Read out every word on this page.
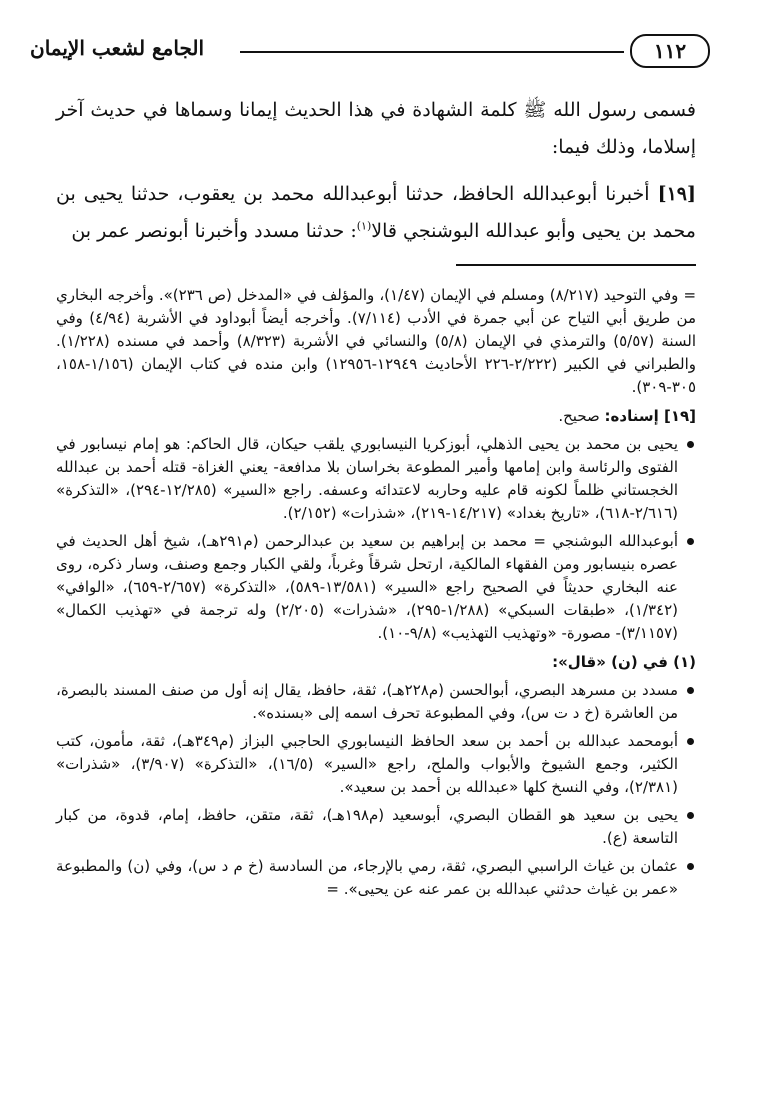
١١٢
الجامع لشعب الإيمان

فسمى رسول الله ﷺ كلمة الشهادة في هذا الحديث إيمانا وسماها في حديث آخر إسلاما، وذلك فيما:

[١٩] أخبرنا أبوعبدالله الحافظ، حدثنا أبوعبدالله محمد بن يعقوب، حدثنا يحيى بن محمد بن يحيى وأبو عبدالله البوشنجي قالا$^{(١)}$: حدثنا مسدد وأخبرنا أبونصر عمر بن

= وفي التوحيد (٨/٢١٧) ومسلم في الإيمان (١/٤٧)، والمؤلف في «المدخل (ص ٢٣٦)». وأخرجه البخاري من طريق أبي التياح عن أبي جمرة في الأدب (٧/١١٤). وأخرجه أيضاً أبوداود في الأشربة (٤/٩٤) وفي السنة (٥/٥٧) والترمذي في الإيمان (٥/٨) والنسائي في الأشربة (٨/٣٢٣) وأحمد في مسنده (١/٢٢٨). والطبراني في الكبير (٢/٢٢٢-٢٢٦ الأحاديث ١٢٩٤٩-١٢٩٥٦) وابن منده في كتاب الإيمان (١/١٥٦-١٥٨، ٣٠٥-٣٠٩).

[١٩] إسناده: صحيح.

يحيى بن محمد بن يحيى الذهلي، أبوزكريا النيسابوري يلقب حيكان، قال الحاكم: هو إمام نيسابور في الفتوى والرئاسة وابن إمامها وأمير المطوعة بخراسان بلا مدافعة- يعني الغزاة- قتله أحمد بن عبدالله الخجستاني ظلماً لكونه قام عليه وحاربه لاعتدائه وعسفه. راجع «السير» (١٢/٢٨٥-٢٩٤)، «التذكرة» (٢/٦١٦-٦١٨)، «تاريخ بغداد» (١٤/٢١٧-٢١٩)، «شذرات» (٢/١٥٢).

أبوعبدالله البوشنجي = محمد بن إبراهيم بن سعيد بن عبدالرحمن (م٢٩١هـ)، شيخ أهل الحديث في عصره بنيسابور ومن الفقهاء المالكية، ارتحل شرقاً وغرباً، ولقي الكبار وجمع وصنف، وسار ذكره، روى عنه البخاري حديثاً في الصحيح راجع «السير» (١٣/٥٨١-٥٨٩)، «التذكرة» (٢/٦٥٧-٦٥٩)، «الوافي» (١/٣٤٢)، «طبقات السبكي» (١/٢٨٨-٢٩٥)، «شذرات» (٢/٢٠٥) وله ترجمة في «تهذيب الكمال» (٣/١١٥٧)- مصورة- «وتهذيب التهذيب» (٩/٨-١٠).

(١) في (ن) «قال»:

مسدد بن مسرهد البصري، أبوالحسن (م٢٢٨هـ)، ثقة، حافظ، يقال إنه أول من صنف المسند بالبصرة، من العاشرة (خ د ت س)، وفي المطبوعة تحرف اسمه إلى «بسنده».

أبومحمد عبدالله بن أحمد بن سعد الحافظ النيسابوري الحاجبي البزاز (م٣٤٩هـ)، ثقة، مأمون، كتب الكثير، وجمع الشيوخ والأبواب والملح، راجع «السير» (١٦/٥)، «التذكرة» (٣/٩٠٧)، «شذرات» (٢/٣٨١)، وفي النسخ كلها «عبدالله بن أحمد بن سعيد».

يحيى بن سعيد هو القطان البصري، أبوسعيد (م١٩٨هـ)، ثقة، متقن، حافظ، إمام، قدوة، من كبار التاسعة (ع).

عثمان بن غياث الراسبي البصري، ثقة، رمي بالإرجاء، من السادسة (خ م د س)، وفي (ن) والمطبوعة «عمر بن غياث حدثني عبدالله بن عمر عنه عن يحيى». =
